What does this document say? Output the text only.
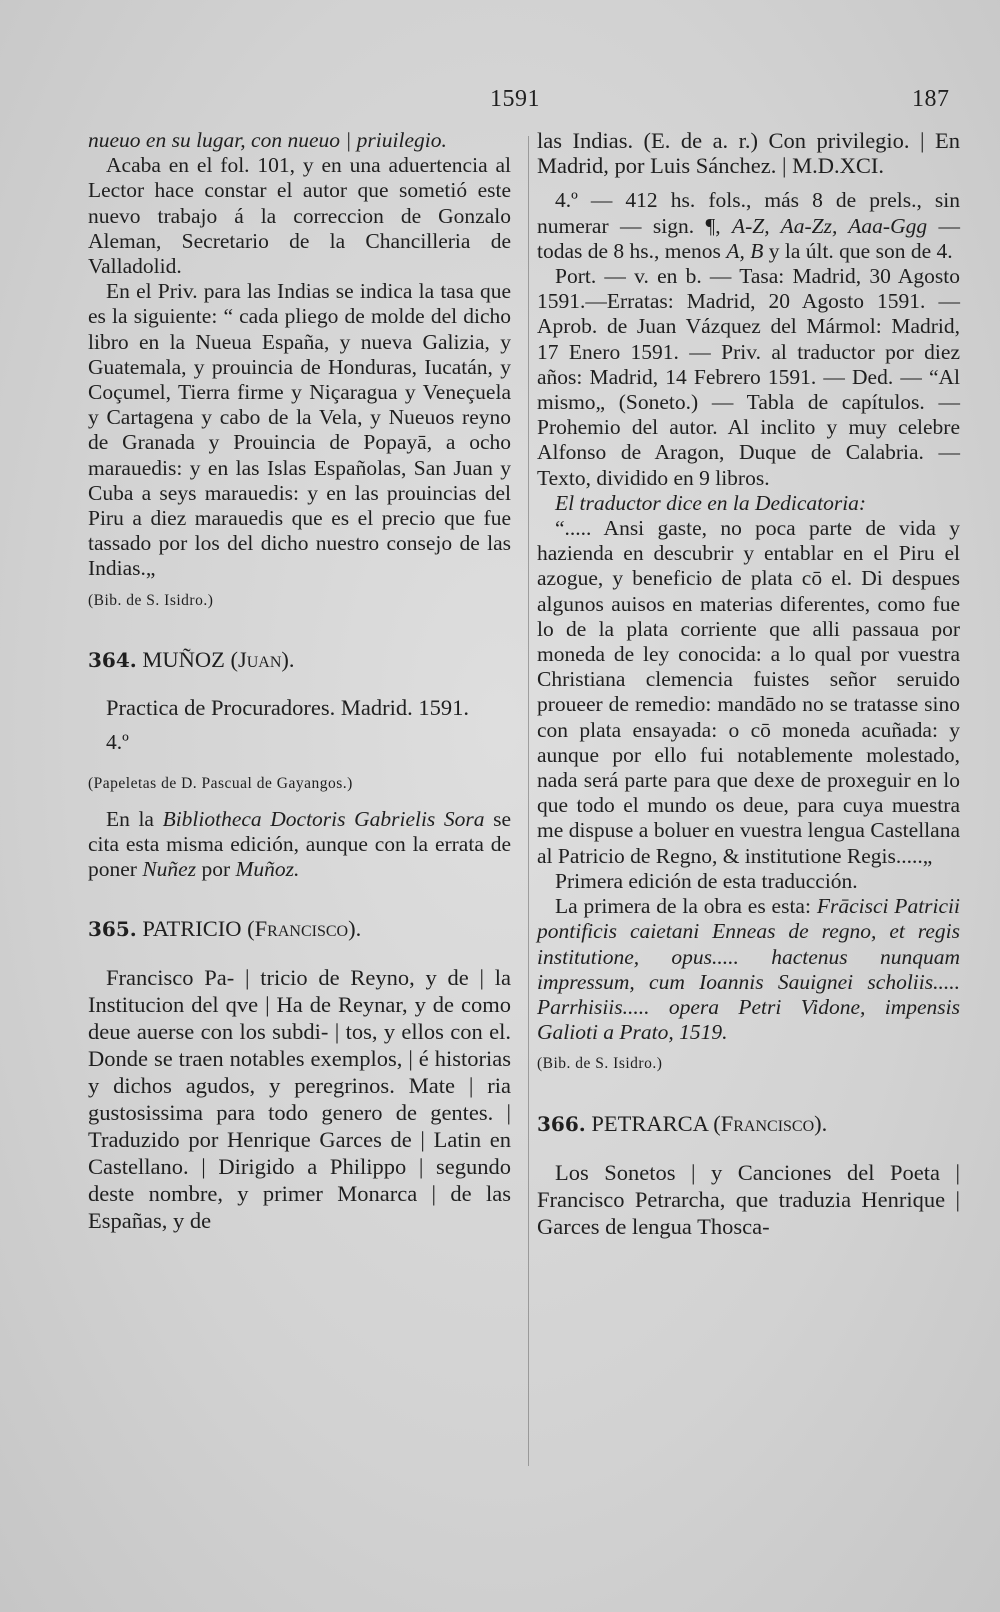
1591	187

nueuo en su lugar, con nueuo | priuilegio.

Acaba en el fol. 101, y en una aduertencia al Lector hace constar el autor que sometió este nuevo trabajo á la correccion de Gonzalo Aleman, Secretario de la Chancilleria de Valladolid.

En el Priv. para las Indias se indica la tasa que es la siguiente: “ cada pliego de molde del dicho libro en la Nueua España, y nueva Galizia, y Guatemala, y prouincia de Honduras, Iucatán, y Coçumel, Tierra firme y Niçaragua y Veneçuela y Cartagena y cabo de la Vela, y Nueuos reyno de Granada y Prouincia de Popayā, a ocho marauedis: y en las Islas Españolas, San Juan y Cuba a seys marauedis: y en las prouincias del Piru a diez marauedis que es el precio que fue tassado por los del dicho nuestro consejo de las Indias.„

(Bib. de S. Isidro.)

364. MUÑOZ (Juan).

Practica de Procuradores. Madrid. 1591.

4.º

(Papeletas de D. Pascual de Gayangos.)

En la Bibliotheca Doctoris Gabrielis Sora se cita esta misma edición, aunque con la errata de poner Nuñez por Muñoz.

365. PATRICIO (Francisco).

Francisco Pa- | tricio de Reyno, y de | la Institucion del qve | Ha de Reynar, y de como deue auerse con los subdi- | tos, y ellos con el. Donde se traen notables exemplos, | é historias y dichos agudos, y peregrinos. Mate | ria gustosissima para todo genero de gentes. | Traduzido por Henrique Garces de | Latin en Castellano. | Dirigido a Philippo | segundo deste nombre, y primer Monarca | de las Españas, y de

las Indias. (E. de a. r.) Con privilegio. | En Madrid, por Luis Sánchez. | M.D.XCI.

4.º — 412 hs. fols., más 8 de prels., sin numerar — sign. ¶, A-Z, Aa-Zz, Aaa-Ggg — todas de 8 hs., menos A, B y la últ. que son de 4.

Port. — v. en b. — Tasa: Madrid, 30 Agosto 1591.—Erratas: Madrid, 20 Agosto 1591. — Aprob. de Juan Vázquez del Mármol: Madrid, 17 Enero 1591. — Priv. al traductor por diez años: Madrid, 14 Febrero 1591. — Ded. — “Al mismo„ (Soneto.) — Tabla de capítulos. — Prohemio del autor. Al inclito y muy celebre Alfonso de Aragon, Duque de Calabria. — Texto, dividido en 9 libros.

El traductor dice en la Dedicatoria:

“..... Ansi gaste, no poca parte de vida y hazienda en descubrir y entablar en el Piru el azogue, y beneficio de plata cō el. Di despues algunos auisos en materias diferentes, como fue lo de la plata corriente que alli passaua por moneda de ley conocida: a lo qual por vuestra Christiana clemencia fuistes señor seruido proueer de remedio: mandādo no se tratasse sino con plata ensayada: o cō moneda acuñada: y aunque por ello fui notablemente molestado, nada será parte para que dexe de proxeguir en lo que todo el mundo os deue, para cuya muestra me dispuse a boluer en vuestra lengua Castellana al Patricio de Regno, & institutione Regis.....„

Primera edición de esta traducción.

La primera de la obra es esta: Frācisci Patricii pontificis caietani Enneas de regno, et regis institutione, opus..... hactenus nunquam impressum, cum Ioannis Sauignei scholiis..... Parrhisiis..... opera Petri Vidone, impensis Galioti a Prato, 1519.

(Bib. de S. Isidro.)

366. PETRARCA (Francisco).

Los Sonetos | y Canciones del Poeta | Francisco Petrarcha, que traduzia Henrique | Garces de lengua Thosca-
